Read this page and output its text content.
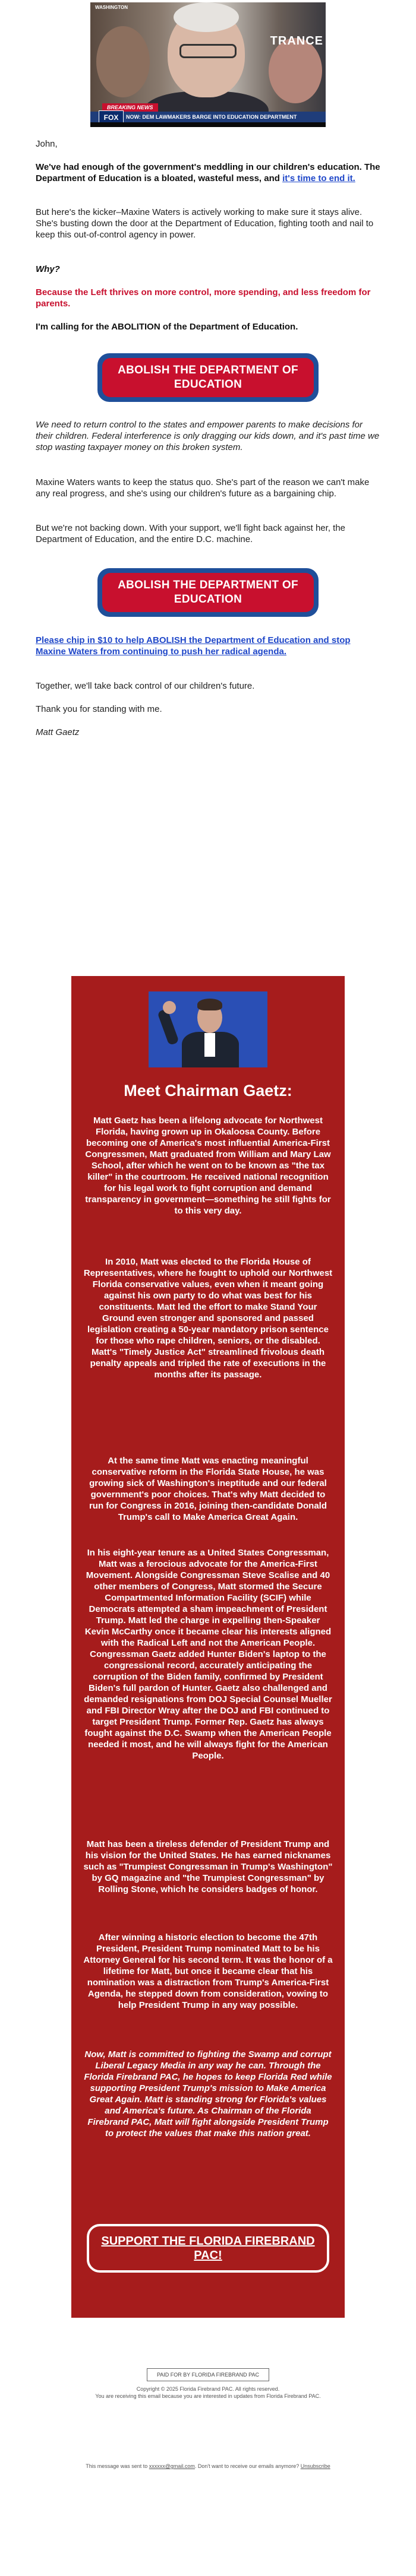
WASHINGTON
TRANCE
BREAKING NEWS
NOW: DEM LAWMAKERS BARGE INTO EDUCATION DEPARTMENT
FOX

John,

We've had enough of the government's meddling in our children's education. The Department of Education is a bloated, wasteful mess, and it's time to end it.

But here's the kicker–Maxine Waters is actively working to make sure it stays alive. She's busting down the door at the Department of Education, fighting tooth and nail to keep this out-of-control agency in power.

Why?

Because the Left thrives on more control, more spending, and less freedom for parents.

I'm calling for the ABOLITION of the Department of Education.

ABOLISH THE DEPARTMENT OF EDUCATION

We need to return control to the states and empower parents to make decisions for their children. Federal interference is only dragging our kids down, and it's past time we stop wasting taxpayer money on this broken system.

Maxine Waters wants to keep the status quo. She's part of the reason we can't make any real progress, and she's using our children's future as a bargaining chip.

But we're not backing down. With your support, we'll fight back against her, the Department of Education, and the entire D.C. machine.

ABOLISH THE DEPARTMENT OF EDUCATION

Please chip in $10 to help ABOLISH the Department of Education and stop Maxine Waters from continuing to push her radical agenda.

Together, we'll take back control of our children's future.

Thank you for standing with me.

Matt Gaetz

Meet Chairman Gaetz:

Matt Gaetz has been a lifelong advocate for Northwest Florida, having grown up in Okaloosa County. Before becoming one of America's most influential America-First Congressmen, Matt graduated from William and Mary Law School, after which he went on to be known as "the tax killer" in the courtroom. He received national recognition for his legal work to fight corruption and demand transparency in government—something he still fights for to this very day.

In 2010, Matt was elected to the Florida House of Representatives, where he fought to uphold our Northwest Florida conservative values, even when it meant going against his own party to do what was best for his constituents. Matt led the effort to make Stand Your Ground even stronger and sponsored and passed legislation creating a 50-year mandatory prison sentence for those who rape children, seniors, or the disabled. Matt's "Timely Justice Act" streamlined frivolous death penalty appeals and tripled the rate of executions in the months after its passage.

At the same time Matt was enacting meaningful conservative reform in the Florida State House, he was growing sick of Washington's ineptitude and our federal government's poor choices. That's why Matt decided to run for Congress in 2016, joining then-candidate Donald Trump's call to Make America Great Again.

In his eight-year tenure as a United States Congressman, Matt was a ferocious advocate for the America-First Movement. Alongside Congressman Steve Scalise and 40 other members of Congress, Matt stormed the Secure Compartmented Information Facility (SCIF) while Democrats attempted a sham impeachment of President Trump. Matt led the charge in expelling then-Speaker Kevin McCarthy once it became clear his interests aligned with the Radical Left and not the American People. Congressman Gaetz added Hunter Biden's laptop to the congressional record, accurately anticipating the corruption of the Biden family, confirmed by President Biden's full pardon of Hunter. Gaetz also challenged and demanded resignations from DOJ Special Counsel Mueller and FBI Director Wray after the DOJ and FBI continued to target President Trump. Former Rep. Gaetz has always fought against the D.C. Swamp when the American People needed it most, and he will always fight for the American People.

Matt has been a tireless defender of President Trump and his vision for the United States. He has earned nicknames such as "Trumpiest Congressman in Trump's Washington" by GQ magazine and "the Trumpiest Congressman" by Rolling Stone, which he considers badges of honor.

After winning a historic election to become the 47th President, President Trump nominated Matt to be his Attorney General for his second term. It was the honor of a lifetime for Matt, but once it became clear that his nomination was a distraction from Trump's America-First Agenda, he stepped down from consideration, vowing to help President Trump in any way possible.

Now, Matt is committed to fighting the Swamp and corrupt Liberal Legacy Media in any way he can. Through the Florida Firebrand PAC, he hopes to keep Florida Red while supporting President Trump's mission to Make America Great Again. Matt is standing strong for Florida's values and America's future. As Chairman of the Florida Firebrand PAC, Matt will fight alongside President Trump to protect the values that make this nation great.

SUPPORT THE FLORIDA FIREBRAND PAC!
PAID FOR BY FLORIDA FIREBRAND PAC

Copyright © 2025 Florida Firebrand PAC. All rights reserved.

You are receiving this email because you are interested in updates from Florida Firebrand PAC.

This message was sent to xxxxxx@gmail.com. Don't want to receive our emails anymore? Unsubscribe
